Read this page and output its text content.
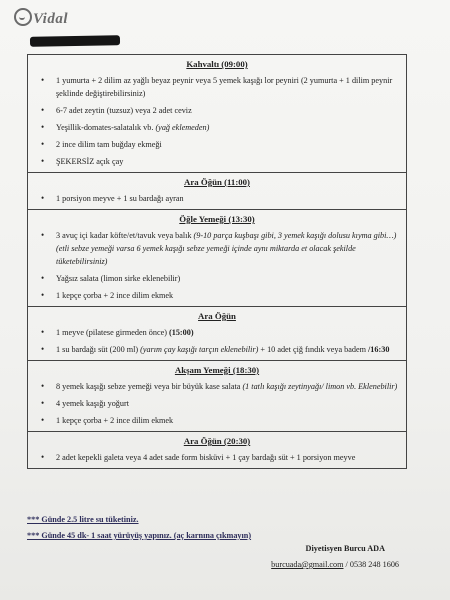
Vidal
Kahvaltı (09:00)
• 1 yumurta + 2 dilim az yağlı beyaz peynir veya 5 yemek kaşığı lor peyniri (2 yumurta + 1 dilim peynir şeklinde değiştirebilirsiniz)
• 6-7 adet zeytin (tuzsuz) veya 2 adet ceviz
• Yeşillik-domates-salatalık vb. (yağ eklemeden)
• 2 ince dilim tam buğday ekmeği
• ŞEKERSİZ açık çay
Ara Öğün (11:00)
• 1 porsiyon meyve + 1 su bardağı ayran
Öğle Yemeği (13:30)
• 3 avuç içi kadar köfte/et/tavuk veya balık (9-10 parça kuşbaşı gibi, 3 yemek kaşığı dolusu kıyma gibi…)(etli sebze yemeği varsa 6 yemek kaşığı sebze yemeği içinde aynı miktarda et olacak şekilde tüketebilirsiniz)
• Yağsız salata (limon sirke eklenebilir)
• 1 kepçe çorba + 2 ince dilim ekmek
Ara Öğün
• 1 meyve (pilatese girmeden önce) (15:00)
• 1 su bardağı süt (200 ml) (yarım çay kaşığı tarçın eklenebilir) + 10 adet çiğ fındık veya badem /16:30
Akşam Yemeği (18:30)
• 8 yemek kaşığı sebze yemeği veya bir büyük kase salata (1 tatlı kaşığı zeytinyağı/ limon vb. Eklenebilir)
• 4 yemek kaşığı yoğurt
• 1 kepçe çorba + 2 ince dilim ekmek
Ara Öğün (20:30)
• 2 adet kepekli galeta veya 4 adet sade form bisküvi + 1 çay bardağı süt + 1 porsiyon meyve
*** Günde 2.5 litre su tüketiniz.
*** Günde 45 dk- 1 saat yürüyüş yapınız. (aç karnına çıkmayın)
Diyetisyen Burcu ADA
burcuada@gmail.com / 0538 248 1606
